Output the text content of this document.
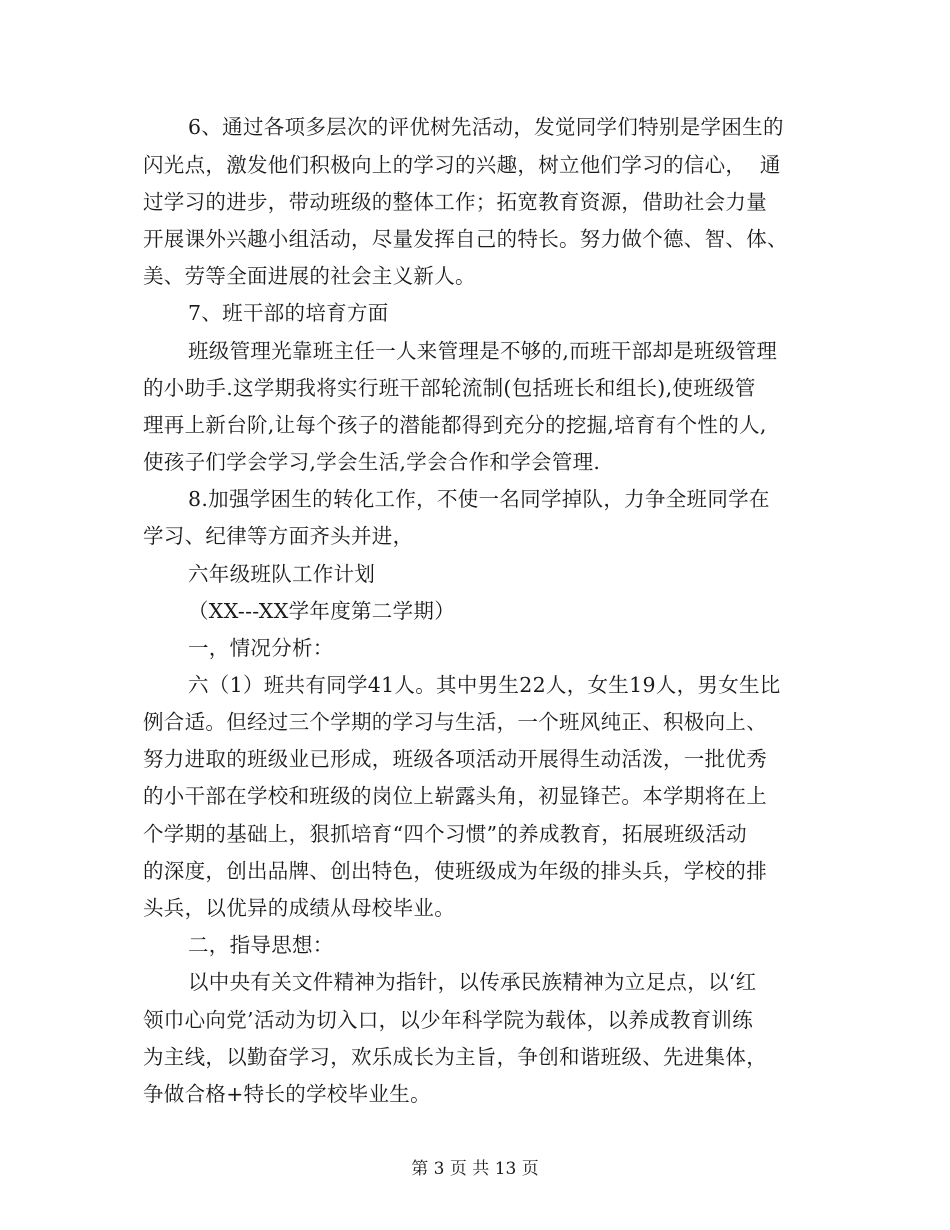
6、通过各项多层次的评优树先活动，发觉同学们特别是学困生的
闪光点，激发他们积极向上的学习的兴趣，树立他们学习的信心，  通
过学习的进步，带动班级的整体工作；拓宽教育资源，借助社会力量
开展课外兴趣小组活动，尽量发挥自己的特长。努力做个德、智、体、
美、劳等全面进展的社会主义新人。
7、班干部的培育方面
班级管理光靠班主任一人来管理是不够的,而班干部却是班级管理
的小助手.这学期我将实行班干部轮流制(包括班长和组长),使班级管
理再上新台阶,让每个孩子的潜能都得到充分的挖掘,培育有个性的人,
使孩子们学会学习,学会生活,学会合作和学会管理.
8.加强学困生的转化工作，不使一名同学掉队，力争全班同学在
学习、纪律等方面齐头并进，
六年级班队工作计划
（XX---XX学年度第二学期）
一，情况分析：
六（1）班共有同学41人。其中男生22人，女生19人，男女生比
例合适。但经过三个学期的学习与生活，一个班风纯正、积极向上、
努力进取的班级业已形成，班级各项活动开展得生动活泼，一批优秀
的小干部在学校和班级的岗位上崭露头角，初显锋芒。本学期将在上
个学期的基础上，狠抓培育“四个习惯”的养成教育，拓展班级活动
的深度，创出品牌、创出特色，使班级成为年级的排头兵，学校的排
头兵，以优异的成绩从母校毕业。
二，指导思想：
以中央有关文件精神为指针，以传承民族精神为立足点，以‘红
领巾心向党’活动为切入口，以少年科学院为载体，以养成教育训练
为主线，以勤奋学习，欢乐成长为主旨，争创和谐班级、先进集体，
争做合格+特长的学校毕业生。
第 3 页 共 13 页
